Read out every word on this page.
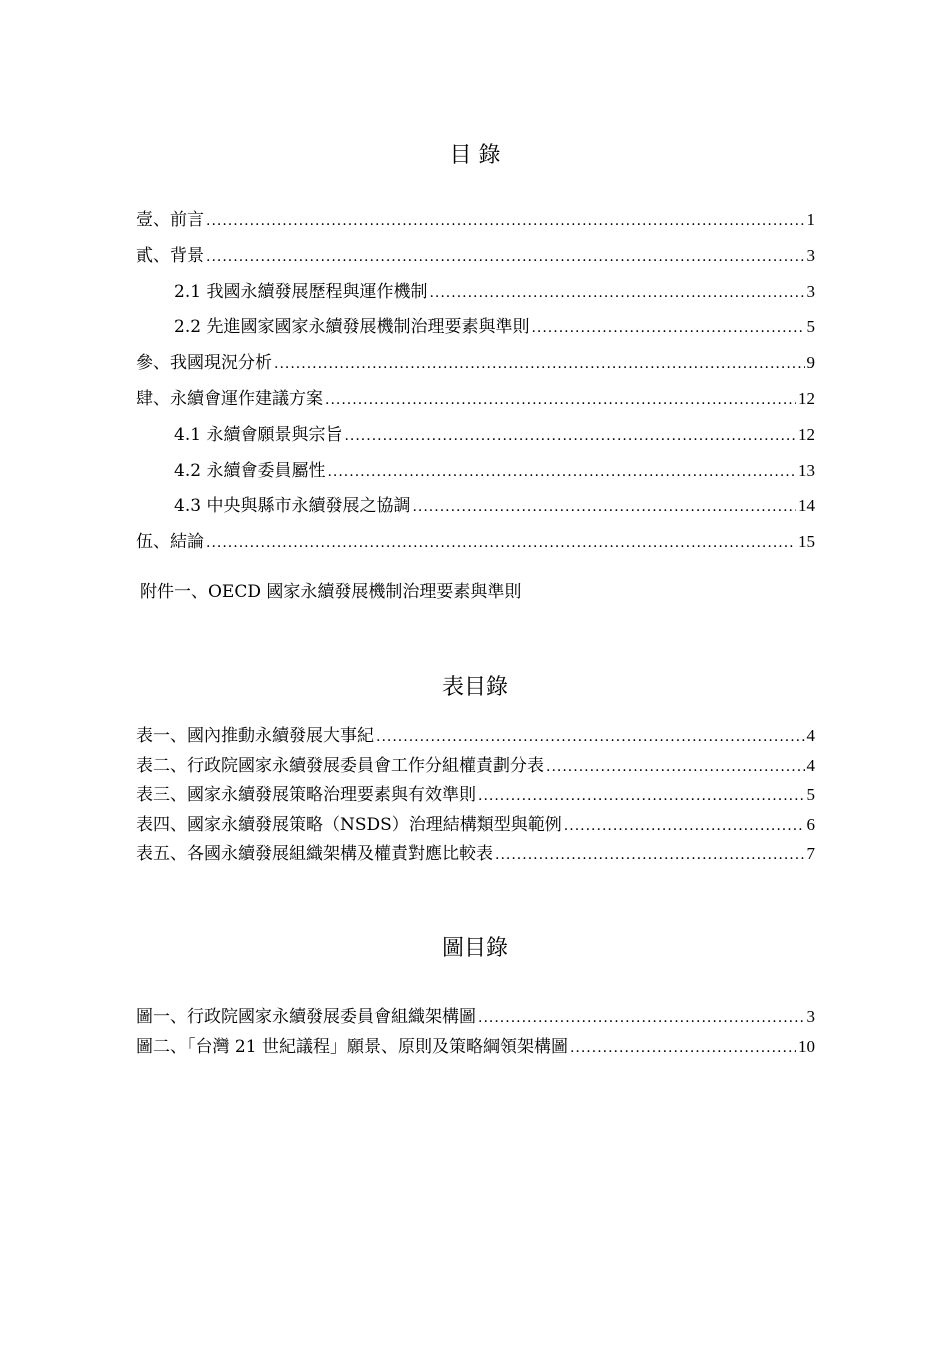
目 錄
壹、前言 .....	1
貳、背景 .....	3
2.1 我國永續發展歷程與運作機制 .....	3
2.2 先進國家國家永續發展機制治理要素與準則 .....	5
參、我國現況分析 .....	9
肆、永續會運作建議方案 .....	12
4.1 永續會願景與宗旨 .....	12
4.2 永續會委員屬性 .....	13
4.3 中央與縣市永續發展之協調 .....	14
伍、結論 .....	15

附件一、OECD 國家永續發展機制治理要素與準則

表目錄
表一、國內推動永續發展大事紀 .....	4
表二、行政院國家永續發展委員會工作分組權責劃分表 .....	4
表三、國家永續發展策略治理要素與有效準則 .....	5
表四、國家永續發展策略（NSDS）治理結構類型與範例 .....	6
表五、各國永續發展組織架構及權責對應比較表 .....	7
圖目錄
圖一、行政院國家永續發展委員會組織架構圖 .....	3
圖二、「台灣 21 世紀議程」願景、原則及策略綱領架構圖 .....	10
